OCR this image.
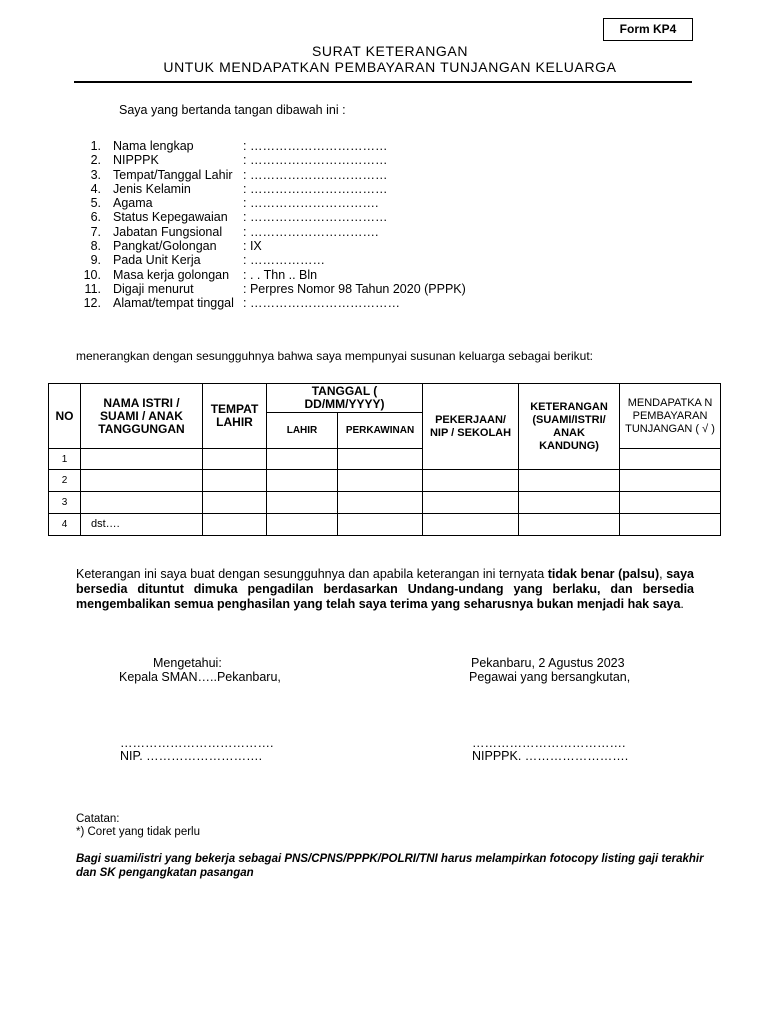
Form KP4
SURAT KETERANGAN
UNTUK MENDAPATKAN PEMBAYARAN TUNJANGAN KELUARGA
Saya yang bertanda tangan dibawah ini :
1. Nama lengkap	: ……………………………
2. NIPPPK	: ……………………………
3. Tempat/Tanggal Lahir : ……………………………
4. Jenis Kelamin	: ……………………………
5. Agama	: ………………………….
6. Status Kepegawaian : ……………………………
7. Jabatan Fungsional : ………………………….
8. Pangkat/Golongan : IX
9. Pada Unit Kerja	: ………………
10. Masa kerja golongan : . . Thn .. Bln
11. Digaji menurut	: Perpres Nomor 98 Tahun 2020 (PPPK)
12. Alamat/tempat tinggal : ………………………………
menerangkan dengan sesungguhnya bahwa saya mempunyai susunan keluarga sebagai berikut:
NO	NAMA ISTRI / SUAMI / ANAK TANGGUNGAN	TEMPAT LAHIR	TANGGAL ( DD/MM/YYYY)		PEKERJAAN/ NIP / SEKOLAH	KETERANGAN (SUAMI/ISTRI/ ANAK KANDUNG)	MENDAPATKA N PEMBAYARAN TUNJANGAN ( √ )
			LAHIR	PERKAWINAN			
1							
2							
3							
4	dst….						
Keterangan ini saya buat dengan sesungguhnya dan apabila keterangan ini ternyata tidak benar (palsu), saya bersedia dituntut dimuka pengadilan berdasarkan Undang-undang yang berlaku, dan bersedia mengembalikan semua penghasilan yang telah saya terima yang seharusnya bukan menjadi hak saya.
Mengetahui:
Kepala SMAN…..Pekanbaru,
……………………………….
NIP. ……………………….
Pekanbaru, 2 Agustus 2023
Pegawai yang bersangkutan,
……………………………….
NIPPPK. …………………….
Catatan:
*) Coret yang tidak perlu
Bagi suami/istri yang bekerja sebagai PNS/CPNS/PPPK/POLRI/TNI harus melampirkan fotocopy listing gaji terakhir dan SK pengangkatan pasangan
